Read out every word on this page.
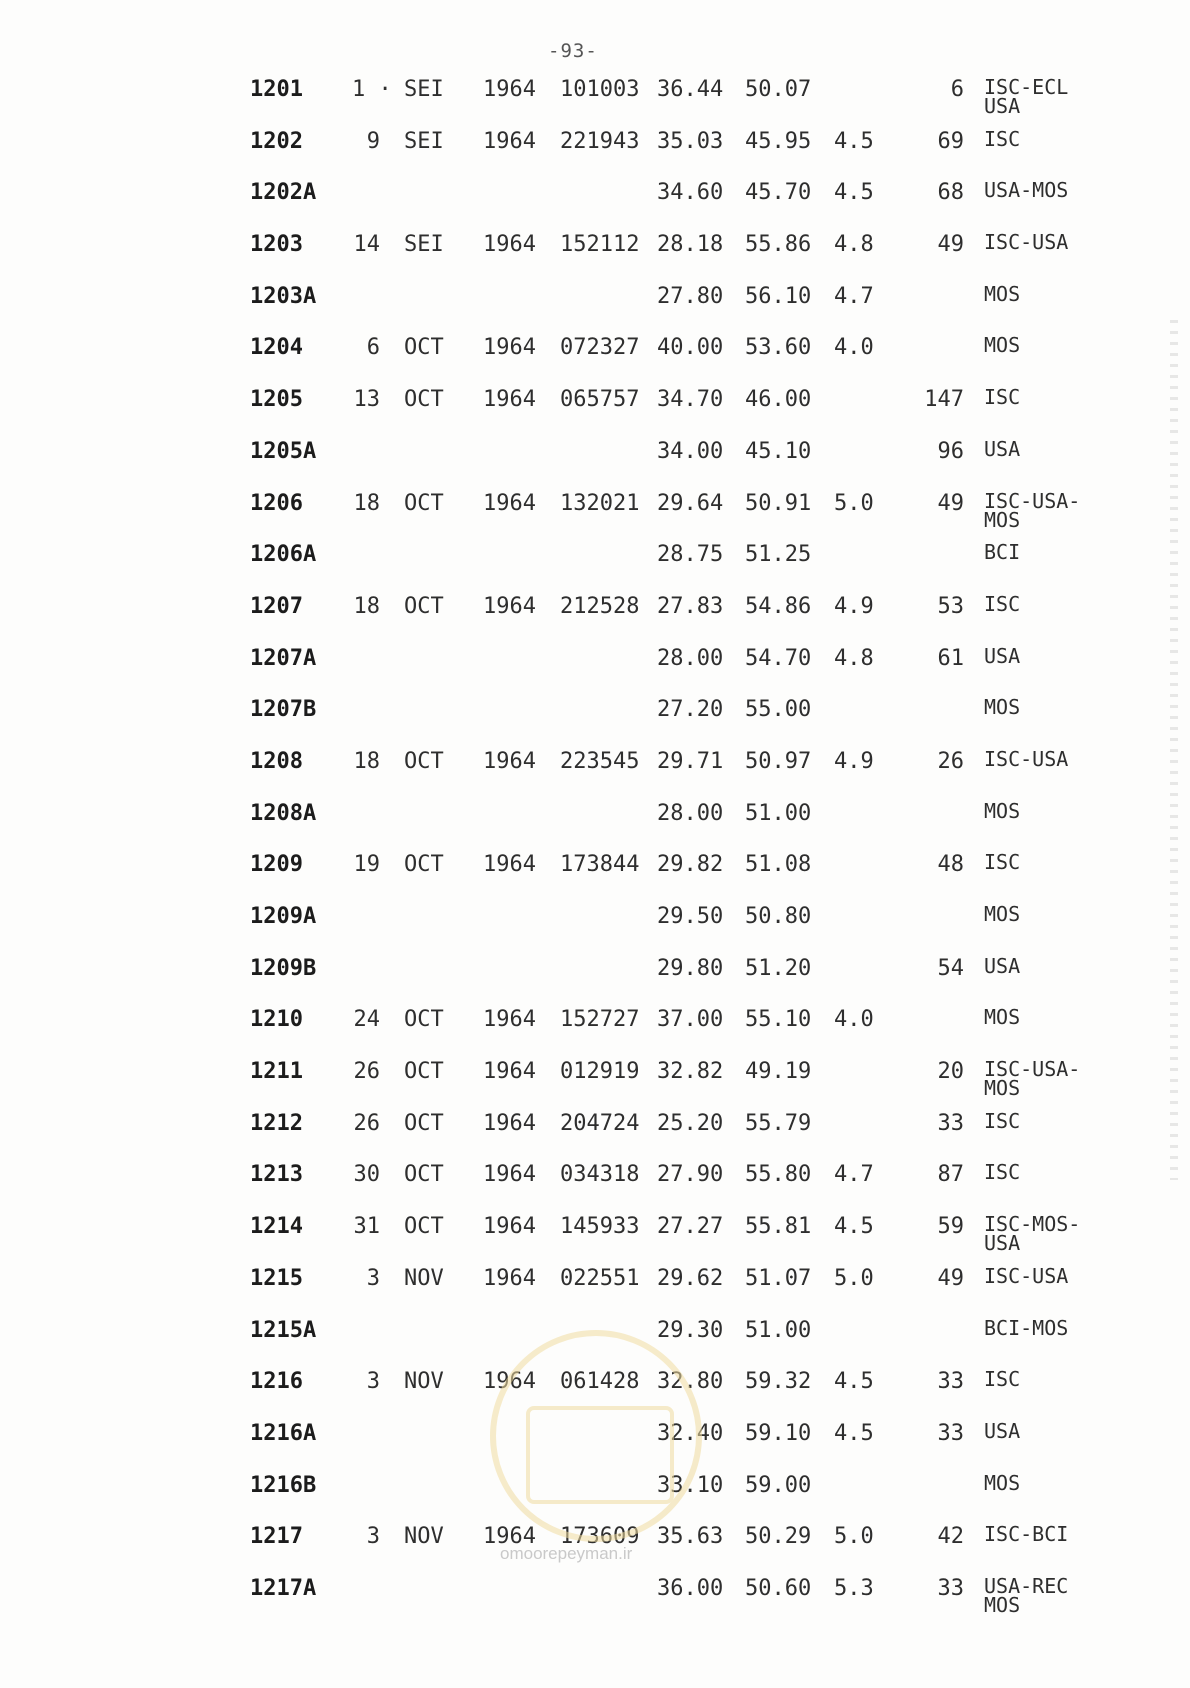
-93-
1201 1 · SEI 1964 101003 36.44 50.07	6 ISC-ECL
USA
1202	9 SEI 1964 221943 35.03 45.95 4.5	69 ISC
1202A	34.60 45.70 4.5	68 USA-MOS
1203 14 SEI 1964 152112 28.18 55.86 4.8	49 ISC-USA
1203A	27.80 56.10 4.7	MOS
1204	6 OCT 1964 072327 40.00 53.60 4.0	MOS
1205 13 OCT 1964 065757 34.70 46.00	147 ISC
1205A	34.00 45.10	96 USA
1206 18 OCT 1964 132021 29.64 50.91 5.0	49 ISC-USA-
MOS
1206A	28.75 51.25	BCI
1207 18 OCT 1964 212528 27.83 54.86 4.9	53 ISC
1207A	28.00 54.70 4.8	61 USA
1207B	27.20 55.00	MOS
1208 18 OCT 1964 223545 29.71 50.97 4.9	26 ISC-USA
1208A	28.00 51.00	MOS
1209 19 OCT 1964 173844 29.82 51.08	48 ISC
1209A	29.50 50.80	MOS
1209B	29.80 51.20	54 USA
1210 24 OCT 1964 152727 37.00 55.10 4.0	MOS
1211 26 OCT 1964 012919 32.82 49.19	20 ISC-USA-
MOS
1212 26 OCT 1964 204724 25.20 55.79	33 ISC
1213 30 OCT 1964 034318 27.90 55.80 4.7	87 ISC
1214 31 OCT 1964 145933 27.27 55.81 4.5	59 ISC-MOS-
USA
1215	3 NOV 1964 022551 29.62 51.07 5.0	49 ISC-USA
1215A	29.30 51.00	BCI-MOS
1216	3 NOV 1964 061428 32.80 59.32 4.5	33 ISC
1216A	32.40 59.10 4.5	33 USA
1216B	33.10 59.00	MOS
1217	3 NOV 1964 173609 35.63 50.29 5.0	42 ISC-BCI
1217A	36.00 50.60 5.3	33 USA-REC
MOS
omoorepeyman.ir
